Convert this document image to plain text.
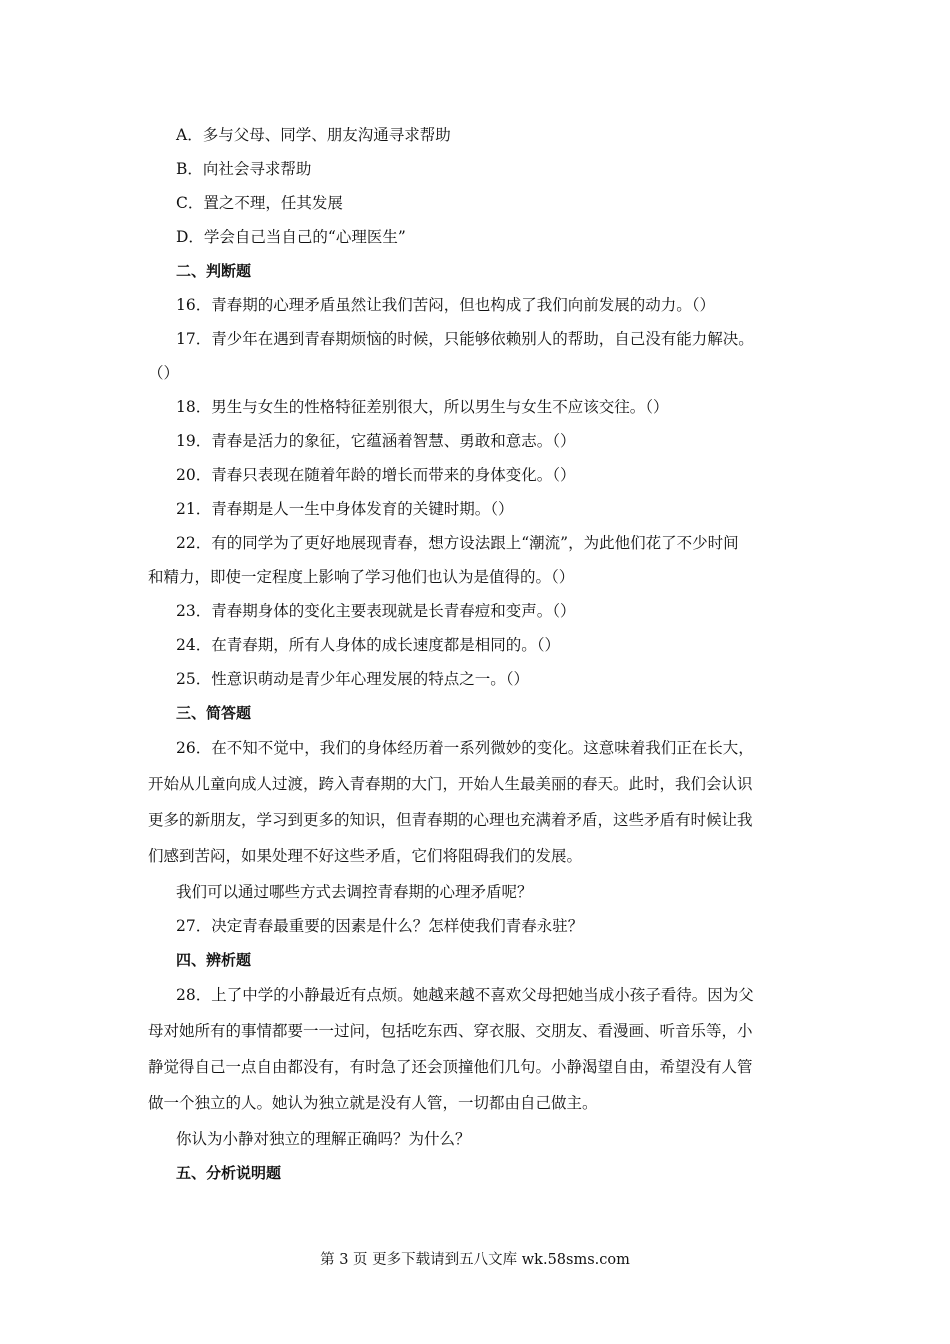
A．多与父母、同学、朋友沟通寻求帮助
B．向社会寻求帮助
C．置之不理，任其发展
D．学会自己当自己的“心理医生”
二、判断题
16．青春期的心理矛盾虽然让我们苦闷，但也构成了我们向前发展的动力。（）
17．青少年在遇到青春期烦恼的时候，只能够依赖别人的帮助，自己没有能力解决。
（）
18．男生与女生的性格特征差别很大，所以男生与女生不应该交往。（）
19．青春是活力的象征，它蕴涵着智慧、勇敢和意志。（）
20．青春只表现在随着年龄的增长而带来的身体变化。（）
21．青春期是人一生中身体发育的关键时期。（）
22．有的同学为了更好地展现青春，想方设法跟上“潮流”，为此他们花了不少时间
和精力，即使一定程度上影响了学习他们也认为是值得的。（）
23．青春期身体的变化主要表现就是长青春痘和变声。（）
24．在青春期，所有人身体的成长速度都是相同的。（）
25．性意识萌动是青少年心理发展的特点之一。（）
三、简答题
26．在不知不觉中，我们的身体经历着一系列微妙的变化。这意味着我们正在长大，
开始从儿童向成人过渡，跨入青春期的大门，开始人生最美丽的春天。此时，我们会认识
更多的新朋友，学习到更多的知识，但青春期的心理也充满着矛盾，这些矛盾有时候让我
们感到苦闷，如果处理不好这些矛盾，它们将阻碍我们的发展。
我们可以通过哪些方式去调控青春期的心理矛盾呢？
27．决定青春最重要的因素是什么？怎样使我们青春永驻？
四、辨析题
28．上了中学的小静最近有点烦。她越来越不喜欢父母把她当成小孩子看待。因为父
母对她所有的事情都要一一过问，包括吃东西、穿衣服、交朋友、看漫画、听音乐等，小
静觉得自己一点自由都没有，有时急了还会顶撞他们几句。小静渴望自由，希望没有人管
做一个独立的人。她认为独立就是没有人管，一切都由自己做主。
你认为小静对独立的理解正确吗？为什么？
五、分析说明题
第 3 页 更多下载请到五八文库 wk.58sms.com
